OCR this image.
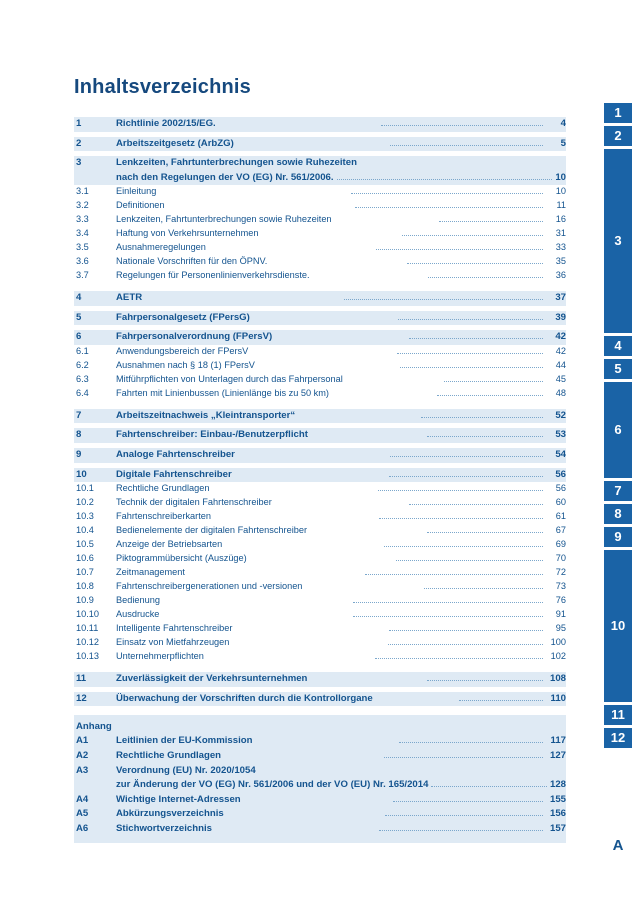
Inhaltsverzeichnis
1	Richtlinie 2002/15/EG.	4
2	Arbeitszeitgesetz (ArbZG)	5
3	Lenkzeiten, Fahrtunterbrechungen sowie Ruhezeiten
nach den Regelungen der VO (EG) Nr. 561/2006.	10
3.1	Einleitung	10
3.2	Definitionen	11
3.3	Lenkzeiten, Fahrtunterbrechungen sowie Ruhezeiten	16
3.4	Haftung von Verkehrsunternehmen	31
3.5	Ausnahmeregelungen	33
3.6	Nationale Vorschriften für den ÖPNV.	35
3.7	Regelungen für Personenlinienverkehrsdienste.	36
4	AETR	37
5	Fahrpersonalgesetz (FPersG)	39
6	Fahrpersonalverordnung (FPersV)	42
6.1	Anwendungsbereich der FPersV	42
6.2	Ausnahmen nach § 18 (1) FPersV	44
6.3	Mitführpflichten von Unterlagen durch das Fahrpersonal	45
6.4	Fahrten mit Linienbussen (Linienlänge bis zu 50 km)	48
7	Arbeitszeitnachweis „Kleintransporter“	52
8	Fahrtenschreiber: Einbau-/Benutzerpflicht	53
9	Analoge Fahrtenschreiber	54
10	Digitale Fahrtenschreiber	56
10.1	Rechtliche Grundlagen	56
10.2	Technik der digitalen Fahrtenschreiber	60
10.3	Fahrtenschreiberkarten	61
10.4	Bedienelemente der digitalen Fahrtenschreiber	67
10.5	Anzeige der Betriebsarten	69
10.6	Piktogrammübersicht (Auszüge)	70
10.7	Zeitmanagement	72
10.8	Fahrtenschreibergenerationen und -versionen	73
10.9	Bedienung	76
10.10	Ausdrucke	91
10.11	Intelligente Fahrtenschreiber	95
10.12	Einsatz von Mietfahrzeugen	100
10.13	Unternehmerpflichten	102
11	Zuverlässigkeit der Verkehrsunternehmen	108
12	Überwachung der Vorschriften durch die Kontrollorgane	110
Anhang
A1	Leitlinien der EU-Kommission	117
A2	Rechtliche Grundlagen	127
A3	Verordnung (EU) Nr. 2020/1054
zur Änderung der VO (EG) Nr. 561/2006 und der VO (EU) Nr. 165/2014	128
A4	Wichtige Internet-Adressen	155
A5	Abkürzungsverzeichnis	156
A6	Stichwortverzeichnis	157
1
2
3
4
5
6
7
8
9
10
11
12
A
